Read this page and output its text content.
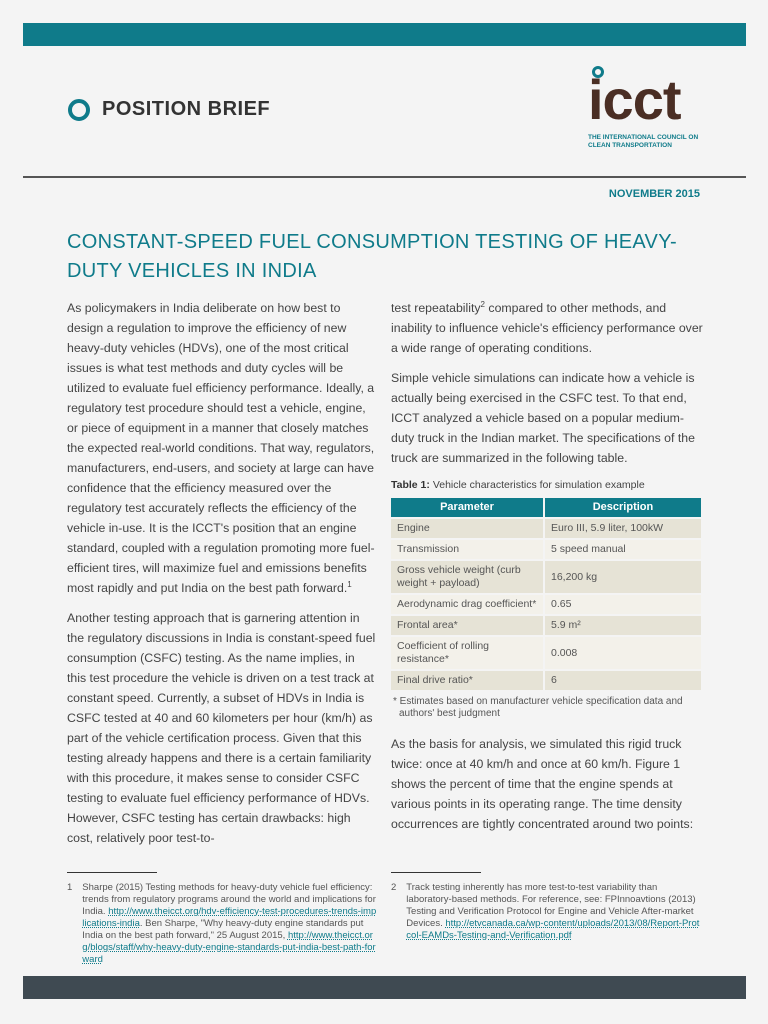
POSITION BRIEF	icct
THE INTERNATIONAL COUNCIL ON CLEAN TRANSPORTATION
NOVEMBER 2015
CONSTANT-SPEED FUEL CONSUMPTION TESTING OF HEAVY-DUTY VEHICLES IN INDIA

As policymakers in India deliberate on how best to design a regulation to improve the efficiency of new heavy-duty vehicles (HDVs), one of the most critical issues is what test methods and duty cycles will be utilized to evaluate fuel efficiency performance. Ideally, a regulatory test procedure should test a vehicle, engine, or piece of equipment in a manner that closely matches the expected real-world conditions. That way, regulators, manufacturers, end-users, and society at large can have confidence that the efficiency measured over the regulatory test accurately reflects the efficiency of the vehicle in-use. It is the ICCT's position that an engine standard, coupled with a regulation promoting more fuel-efficient tires, will maximize fuel and emissions benefits most rapidly and put India on the best path forward.$^1$

Another testing approach that is garnering attention in the regulatory discussions in India is constant-speed fuel consumption (CSFC) testing. As the name implies, in this test procedure the vehicle is driven on a test track at constant speed. Currently, a subset of HDVs in India is CSFC tested at 40 and 60 kilometers per hour (km/h) as part of the vehicle certification process. Given that this testing already happens and there is a certain familiarity with this procedure, it makes sense to consider CSFC testing to evaluate fuel efficiency performance of HDVs. However, CSFC testing has certain drawbacks: high cost, relatively poor test-to-

test repeatability$^2$ compared to other methods, and inability to influence vehicle's efficiency performance over a wide range of operating conditions.

Simple vehicle simulations can indicate how a vehicle is actually being exercised in the CSFC test. To that end, ICCT analyzed a vehicle based on a popular medium-duty truck in the Indian market. The specifications of the truck are summarized in the following table.

Table 1: Vehicle characteristics for simulation example
Parameter	Description
Engine	Euro III, 5.9 liter, 100kW
Transmission	5 speed manual
Gross vehicle weight (curb weight + payload)	16,200 kg
Aerodynamic drag coefficient*	0.65
Frontal area*	5.9 m²
Coefficient of rolling resistance*	0.008
Final drive ratio*	6
* Estimates based on manufacturer vehicle specification data and authors' best judgment

As the basis for analysis, we simulated this rigid truck twice: once at 40 km/h and once at 60 km/h. Figure 1 shows the percent of time that the engine spends at various points in its operating range. The time density occurrences are tightly concentrated around two points:

1 Sharpe (2015) Testing methods for heavy-duty vehicle fuel efficiency: trends from regulatory programs around the world and implications for India. http://www.theicct.org/hdv-efficiency-test-procedures-trends-implications-india. Ben Sharpe, "Why heavy-duty engine standards put India on the best path forward," 25 August 2015, http://www.theicct.org/blogs/staff/why-heavy-duty-engine-standards-put-india-best-path-forward
2 Track testing inherently has more test-to-test variability than laboratory-based methods. For reference, see: FPInnoavtions (2013) Testing and Verification Protocol for Engine and Vehicle After-market Devices. http://etvcanada.ca/wp-content/uploads/2013/08/Report-Protcol-EAMDs-Testing-and-Verification.pdf
